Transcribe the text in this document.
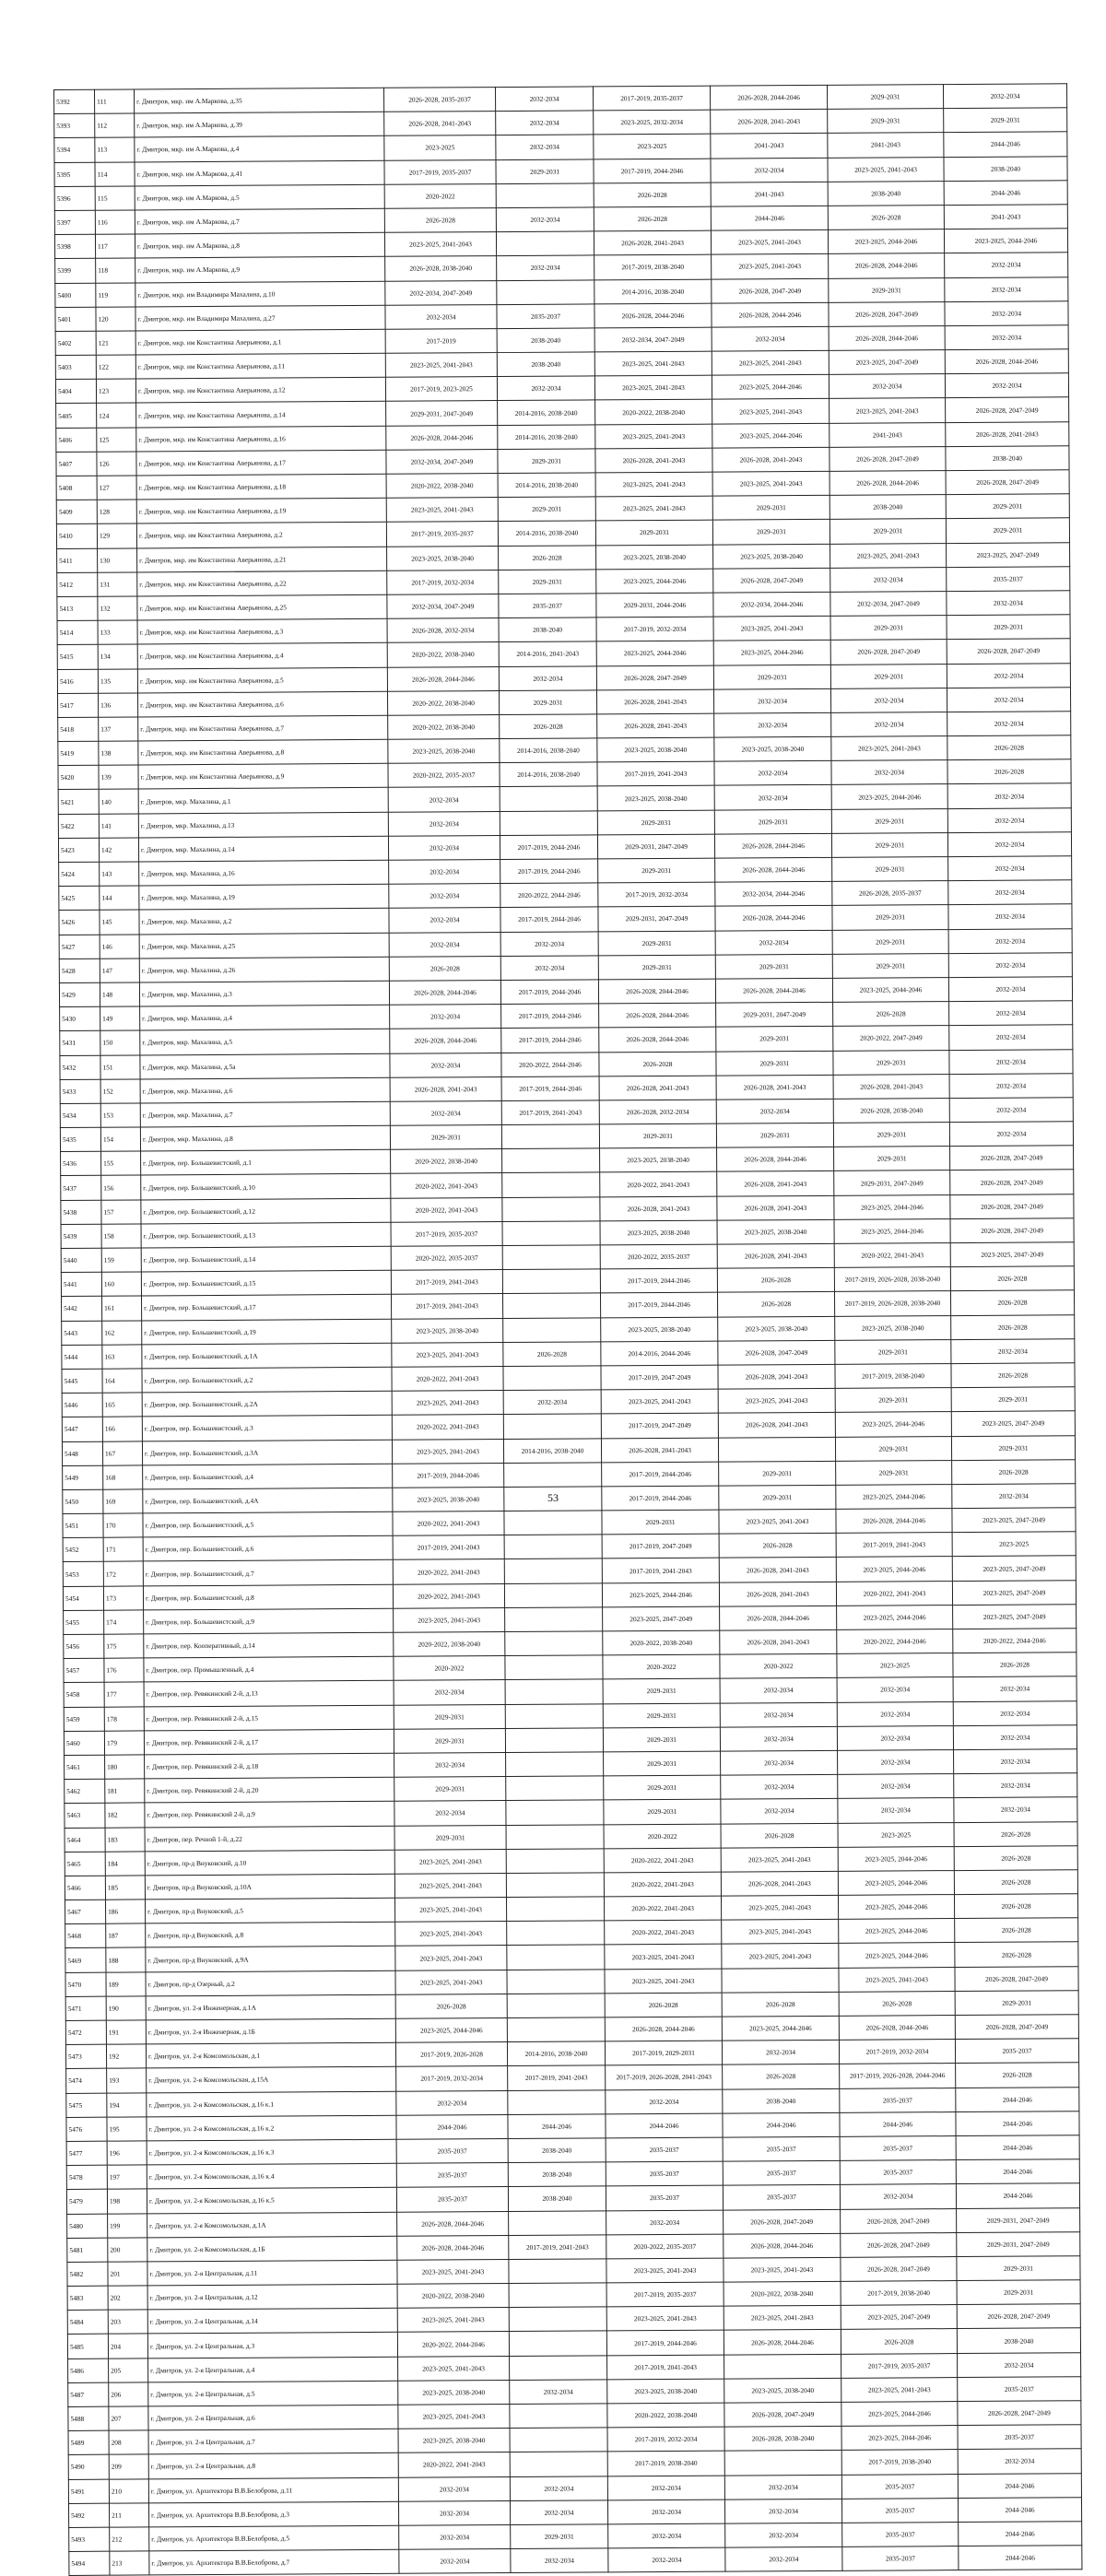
5392	111	г. Дмитров, мкр. им А.Маркова, д.35	2026-2028, 2035-2037	2032-2034	2017-2019, 2035-2037	2026-2028, 2044-2046	2029-2031	2032-2034
5393	112	г. Дмитров, мкр. им А.Маркова, д.39	2026-2028, 2041-2043	2032-2034	2023-2025, 2032-2034	2026-2028, 2041-2043	2029-2031	2029-2031
5394	113	г. Дмитров, мкр. им А.Маркова, д.4	2023-2025	2032-2034	2023-2025	2041-2043	2041-2043	2044-2046
5395	114	г. Дмитров, мкр. им А.Маркова, д.41	2017-2019, 2035-2037	2029-2031	2017-2019, 2044-2046	2032-2034	2023-2025, 2041-2043	2038-2040
5396	115	г. Дмитров, мкр. им А.Маркова, д.5	2020-2022		2026-2028	2041-2043	2038-2040	2044-2046
5397	116	г. Дмитров, мкр. им А.Маркова, д.7	2026-2028	2032-2034	2026-2028	2044-2046	2026-2028	2041-2043
5398	117	г. Дмитров, мкр. им А.Маркова, д.8	2023-2025, 2041-2043		2026-2028, 2041-2043	2023-2025, 2041-2043	2023-2025, 2044-2046	2023-2025, 2044-2046
5399	118	г. Дмитров, мкр. им А.Маркова, д.9	2026-2028, 2038-2040	2032-2034	2017-2019, 2038-2040	2023-2025, 2041-2043	2026-2028, 2044-2046	2032-2034
5400	119	г. Дмитров, мкр. им Владимира Махалина, д.10	2032-2034, 2047-2049		2014-2016, 2038-2040	2026-2028, 2047-2049	2029-2031	2032-2034
5401	120	г. Дмитров, мкр. им Владимира Махалина, д.27	2032-2034	2035-2037	2026-2028, 2044-2046	2026-2028, 2044-2046	2026-2028, 2047-2049	2032-2034
5402	121	г. Дмитров, мкр. им Константина Аверьянова, д.1	2017-2019	2038-2040	2032-2034, 2047-2049	2032-2034	2026-2028, 2044-2046	2032-2034
5403	122	г. Дмитров, мкр. им Константина Аверьянова, д.11	2023-2025, 2041-2043	2038-2040	2023-2025, 2041-2043	2023-2025, 2041-2043	2023-2025, 2047-2049	2026-2028, 2044-2046
5404	123	г. Дмитров, мкр. им Константина Аверьянова, д.12	2017-2019, 2023-2025	2032-2034	2023-2025, 2041-2043	2023-2025, 2044-2046	2032-2034	2032-2034
5405	124	г. Дмитров, мкр. им Константина Аверьянова, д.14	2029-2031, 2047-2049	2014-2016, 2038-2040	2020-2022, 2038-2040	2023-2025, 2041-2043	2023-2025, 2041-2043	2026-2028, 2047-2049
5406	125	г. Дмитров, мкр. им Константина Аверьянова, д.16	2026-2028, 2044-2046	2014-2016, 2038-2040	2023-2025, 2041-2043	2023-2025, 2044-2046	2041-2043	2026-2028, 2041-2043
5407	126	г. Дмитров, мкр. им Константина Аверьянова, д.17	2032-2034, 2047-2049	2029-2031	2026-2028, 2041-2043	2026-2028, 2041-2043	2026-2028, 2047-2049	2038-2040
5408	127	г. Дмитров, мкр. им Константина Аверьянова, д.18	2020-2022, 2038-2040	2014-2016, 2038-2040	2023-2025, 2041-2043	2023-2025, 2041-2043	2026-2028, 2044-2046	2026-2028, 2047-2049
5409	128	г. Дмитров, мкр. им Константина Аверьянова, д.19	2023-2025, 2041-2043	2029-2031	2023-2025, 2041-2043	2029-2031	2038-2040	2029-2031
5410	129	г. Дмитров, мкр. им Константина Аверьянова, д.2	2017-2019, 2035-2037	2014-2016, 2038-2040	2029-2031	2029-2031	2029-2031	2029-2031
5411	130	г. Дмитров, мкр. им Константина Аверьянова, д.21	2023-2025, 2038-2040	2026-2028	2023-2025, 2038-2040	2023-2025, 2038-2040	2023-2025, 2041-2043	2023-2025, 2047-2049
5412	131	г. Дмитров, мкр. им Константина Аверьянова, д.22	2017-2019, 2032-2034	2029-2031	2023-2025, 2044-2046	2026-2028, 2047-2049	2032-2034	2035-2037
5413	132	г. Дмитров, мкр. им Константина Аверьянова, д.25	2032-2034, 2047-2049	2035-2037	2029-2031, 2044-2046	2032-2034, 2044-2046	2032-2034, 2047-2049	2032-2034
5414	133	г. Дмитров, мкр. им Константина Аверьянова, д.3	2026-2028, 2032-2034	2038-2040	2017-2019, 2032-2034	2023-2025, 2041-2043	2029-2031	2029-2031
5415	134	г. Дмитров, мкр. им Константина Аверьянова, д.4	2020-2022, 2038-2040	2014-2016, 2041-2043	2023-2025, 2044-2046	2023-2025, 2044-2046	2026-2028, 2047-2049	2026-2028, 2047-2049
5416	135	г. Дмитров, мкр. им Константина Аверьянова, д.5	2026-2028, 2044-2046	2032-2034	2026-2028, 2047-2049	2029-2031	2029-2031	2032-2034
5417	136	г. Дмитров, мкр. им Константина Аверьянова, д.6	2020-2022, 2038-2040	2029-2031	2026-2028, 2041-2043	2032-2034	2032-2034	2032-2034
5418	137	г. Дмитров, мкр. им Константина Аверьянова, д.7	2020-2022, 2038-2040	2026-2028	2026-2028, 2041-2043	2032-2034	2032-2034	2032-2034
5419	138	г. Дмитров, мкр. им Константина Аверьянова, д.8	2023-2025, 2038-2040	2014-2016, 2038-2040	2023-2025, 2038-2040	2023-2025, 2038-2040	2023-2025, 2041-2043	2026-2028
5420	139	г. Дмитров, мкр. им Константина Аверьянова, д.9	2020-2022, 2035-2037	2014-2016, 2038-2040	2017-2019, 2041-2043	2032-2034	2032-2034	2026-2028
5421	140	г. Дмитров, мкр. Махалина, д.1	2032-2034		2023-2025, 2038-2040	2032-2034	2023-2025, 2044-2046	2032-2034
5422	141	г. Дмитров, мкр. Махалина, д.13	2032-2034		2029-2031	2029-2031	2029-2031	2032-2034
5423	142	г. Дмитров, мкр. Махалина, д.14	2032-2034	2017-2019, 2044-2046	2029-2031, 2047-2049	2026-2028, 2044-2046	2029-2031	2032-2034
5424	143	г. Дмитров, мкр. Махалина, д.16	2032-2034	2017-2019, 2044-2046	2029-2031	2026-2028, 2044-2046	2029-2031	2032-2034
5425	144	г. Дмитров, мкр. Махалина, д.19	2032-2034	2020-2022, 2044-2046	2017-2019, 2032-2034	2032-2034, 2044-2046	2026-2028, 2035-2037	2032-2034
5426	145	г. Дмитров, мкр. Махалина, д.2	2032-2034	2017-2019, 2044-2046	2029-2031, 2047-2049	2026-2028, 2044-2046	2029-2031	2032-2034
5427	146	г. Дмитров, мкр. Махалина, д.25	2032-2034	2032-2034	2029-2031	2032-2034	2029-2031	2032-2034
5428	147	г. Дмитров, мкр. Махалина, д.26	2026-2028	2032-2034	2029-2031	2029-2031	2029-2031	2032-2034
5429	148	г. Дмитров, мкр. Махалина, д.3	2026-2028, 2044-2046	2017-2019, 2044-2046	2026-2028, 2044-2046	2026-2028, 2044-2046	2023-2025, 2044-2046	2032-2034
5430	149	г. Дмитров, мкр. Махалина, д.4	2032-2034	2017-2019, 2044-2046	2026-2028, 2044-2046	2029-2031, 2047-2049	2026-2028	2032-2034
5431	150	г. Дмитров, мкр. Махалина, д.5	2026-2028, 2044-2046	2017-2019, 2044-2046	2026-2028, 2044-2046	2029-2031	2020-2022, 2047-2049	2032-2034
5432	151	г. Дмитров, мкр. Махалина, д.5а	2032-2034	2020-2022, 2044-2046	2026-2028	2029-2031	2029-2031	2032-2034
5433	152	г. Дмитров, мкр. Махалина, д.6	2026-2028, 2041-2043	2017-2019, 2044-2046	2026-2028, 2041-2043	2026-2028, 2041-2043	2026-2028, 2041-2043	2032-2034
5434	153	г. Дмитров, мкр. Махалина, д.7	2032-2034	2017-2019, 2041-2043	2026-2028, 2032-2034	2032-2034	2026-2028, 2038-2040	2032-2034
5435	154	г. Дмитров, мкр. Махалина, д.8	2029-2031		2029-2031	2029-2031	2029-2031	2032-2034
5436	155	г. Дмитров, пер. Большевистский, д.1	2020-2022, 2038-2040		2023-2025, 2038-2040	2026-2028, 2044-2046	2029-2031	2026-2028, 2047-2049
5437	156	г. Дмитров, пер. Большевистский, д.10	2020-2022, 2041-2043		2020-2022, 2041-2043	2026-2028, 2041-2043	2029-2031, 2047-2049	2026-2028, 2047-2049
5438	157	г. Дмитров, пер. Большевистский, д.12	2020-2022, 2041-2043		2026-2028, 2041-2043	2026-2028, 2041-2043	2023-2025, 2044-2046	2026-2028, 2047-2049
5439	158	г. Дмитров, пер. Большевистский, д.13	2017-2019, 2035-2037		2023-2025, 2038-2040	2023-2025, 2038-2040	2023-2025, 2044-2046	2026-2028, 2047-2049
5440	159	г. Дмитров, пер. Большевистский, д.14	2020-2022, 2035-2037		2020-2022, 2035-2037	2026-2028, 2041-2043	2020-2022, 2041-2043	2023-2025, 2047-2049
5441	160	г. Дмитров, пер. Большевистский, д.15	2017-2019, 2041-2043		2017-2019, 2044-2046	2026-2028	2017-2019, 2026-2028, 2038-2040	2026-2028
5442	161	г. Дмитров, пер. Большевистский, д.17	2017-2019, 2041-2043		2017-2019, 2044-2046	2026-2028	2017-2019, 2026-2028, 2038-2040	2026-2028
5443	162	г. Дмитров, пер. Большевистский, д.19	2023-2025, 2038-2040		2023-2025, 2038-2040	2023-2025, 2038-2040	2023-2025, 2038-2040	2026-2028
5444	163	г. Дмитров, пер. Большевистский, д.1А	2023-2025, 2041-2043	2026-2028	2014-2016, 2044-2046	2026-2028, 2047-2049	2029-2031	2032-2034
5445	164	г. Дмитров, пер. Большевистский, д.2	2020-2022, 2041-2043		2017-2019, 2047-2049	2026-2028, 2041-2043	2017-2019, 2038-2040	2026-2028
5446	165	г. Дмитров, пер. Большевистский, д.2А	2023-2025, 2041-2043	2032-2034	2023-2025, 2041-2043	2023-2025, 2041-2043	2029-2031	2029-2031
5447	166	г. Дмитров, пер. Большевистский, д.3	2020-2022, 2041-2043		2017-2019, 2047-2049	2026-2028, 2041-2043	2023-2025, 2044-2046	2023-2025, 2047-2049
5448	167	г. Дмитров, пер. Большевистский, д.3А	2023-2025, 2041-2043	2014-2016, 2038-2040	2026-2028, 2041-2043		2029-2031	2029-2031
5449	168	г. Дмитров, пер. Большевистский, д.4	2017-2019, 2044-2046		2017-2019, 2044-2046	2029-2031	2029-2031	2026-2028
5450	169	г. Дмитров, пер. Большевистский, д.4А	2023-2025, 2038-2040		2017-2019, 2044-2046	2029-2031	2023-2025, 2044-2046	2032-2034
5451	170	г. Дмитров, пер. Большевистский, д.5	2020-2022, 2041-2043		2029-2031	2023-2025, 2041-2043	2026-2028, 2044-2046	2023-2025, 2047-2049
5452	171	г. Дмитров, пер. Большевистский, д.6	2017-2019, 2041-2043		2017-2019, 2047-2049	2026-2028	2017-2019, 2041-2043	2023-2025
5453	172	г. Дмитров, пер. Большевистский, д.7	2020-2022, 2041-2043		2017-2019, 2041-2043	2026-2028, 2041-2043	2023-2025, 2044-2046	2023-2025, 2047-2049
5454	173	г. Дмитров, пер. Большевистский, д.8	2020-2022, 2041-2043		2023-2025, 2044-2046	2026-2028, 2041-2043	2020-2022, 2041-2043	2023-2025, 2047-2049
5455	174	г. Дмитров, пер. Большевистский, д.9	2023-2025, 2041-2043		2023-2025, 2047-2049	2026-2028, 2044-2046	2023-2025, 2044-2046	2023-2025, 2047-2049
5456	175	г. Дмитров, пер. Кооперативный, д.14	2020-2022, 2038-2040		2020-2022, 2038-2040	2026-2028, 2041-2043	2020-2022, 2044-2046	2020-2022, 2044-2046
5457	176	г. Дмитров, пер. Промышленный, д.4	2020-2022		2020-2022	2020-2022	2023-2025	2026-2028
5458	177	г. Дмитров, пер. Ревякинский 2-й, д.13	2032-2034		2029-2031	2032-2034	2032-2034	2032-2034
5459	178	г. Дмитров, пер. Ревякинский 2-й, д.15	2029-2031		2029-2031	2032-2034	2032-2034	2032-2034
5460	179	г. Дмитров, пер. Ревякинский 2-й, д.17	2029-2031		2029-2031	2032-2034	2032-2034	2032-2034
5461	180	г. Дмитров, пер. Ревякинский 2-й, д.18	2032-2034		2029-2031	2032-2034	2032-2034	2032-2034
5462	181	г. Дмитров, пер. Ревякинский 2-й, д.20	2029-2031		2029-2031	2032-2034	2032-2034	2032-2034
5463	182	г. Дмитров, пер. Ревякинский 2-й, д.9	2032-2034		2029-2031	2032-2034	2032-2034	2032-2034
5464	183	г. Дмитров, пер. Речной 1-й, д.22	2029-2031		2020-2022	2026-2028	2023-2025	2026-2028
5465	184	г. Дмитров, пр-д Внуковский, д.10	2023-2025, 2041-2043		2020-2022, 2041-2043	2023-2025, 2041-2043	2023-2025, 2044-2046	2026-2028
5466	185	г. Дмитров, пр-д Внуковский, д.10А	2023-2025, 2041-2043		2020-2022, 2041-2043	2026-2028, 2041-2043	2023-2025, 2044-2046	2026-2028
5467	186	г. Дмитров, пр-д Внуковский, д.5	2023-2025, 2041-2043		2020-2022, 2041-2043	2023-2025, 2041-2043	2023-2025, 2044-2046	2026-2028
5468	187	г. Дмитров, пр-д Внуковский, д.8	2023-2025, 2041-2043		2020-2022, 2041-2043	2023-2025, 2041-2043	2023-2025, 2044-2046	2026-2028
5469	188	г. Дмитров, пр-д Внуковский, д.9А	2023-2025, 2041-2043		2023-2025, 2041-2043	2023-2025, 2041-2043	2023-2025, 2044-2046	2026-2028
5470	189	г. Дмитров, пр-д Озерный, д.2	2023-2025, 2041-2043		2023-2025, 2041-2043		2023-2025, 2041-2043	2026-2028, 2047-2049
5471	190	г. Дмитров, ул. 2-я Инженерная, д.1А	2026-2028		2026-2028	2026-2028	2026-2028	2029-2031
5472	191	г. Дмитров, ул. 2-я Инженерная, д.1Б	2023-2025, 2044-2046		2026-2028, 2044-2046	2023-2025, 2044-2046	2026-2028, 2044-2046	2026-2028, 2047-2049
5473	192	г. Дмитров, ул. 2-я Комсомольская, д.1	2017-2019, 2026-2028	2014-2016, 2038-2040	2017-2019, 2029-2031	2032-2034	2017-2019, 2032-2034	2035-2037
5474	193	г. Дмитров, ул. 2-я Комсомольская, д.15А	2017-2019, 2032-2034	2017-2019, 2041-2043	2017-2019, 2026-2028, 2041-2043	2026-2028	2017-2019, 2026-2028, 2044-2046	2026-2028
5475	194	г. Дмитров, ул. 2-я Комсомольская, д.16 к.1	2032-2034		2032-2034	2038-2040	2035-2037	2044-2046
5476	195	г. Дмитров, ул. 2-я Комсомольская, д.16 к.2	2044-2046	2044-2046	2044-2046	2044-2046	2044-2046	2044-2046
5477	196	г. Дмитров, ул. 2-я Комсомольская, д.16 к.3	2035-2037	2038-2040	2035-2037	2035-2037	2035-2037	2044-2046
5478	197	г. Дмитров, ул. 2-я Комсомольская, д.16 к.4	2035-2037	2038-2040	2035-2037	2035-2037	2035-2037	2044-2046
5479	198	г. Дмитров, ул. 2-я Комсомольская, д.16 к.5	2035-2037	2038-2040	2035-2037	2035-2037	2032-2034	2044-2046
5480	199	г. Дмитров, ул. 2-я Комсомольская, д.1А	2026-2028, 2044-2046		2032-2034	2026-2028, 2047-2049	2026-2028, 2047-2049	2029-2031, 2047-2049
5481	200	г. Дмитров, ул. 2-я Комсомольская, д.1Б	2026-2028, 2044-2046	2017-2019, 2041-2043	2020-2022, 2035-2037	2026-2028, 2044-2046	2026-2028, 2047-2049	2029-2031, 2047-2049
5482	201	г. Дмитров, ул. 2-я Центральная, д.11	2023-2025, 2041-2043		2023-2025, 2041-2043	2023-2025, 2041-2043	2026-2028, 2047-2049	2029-2031
5483	202	г. Дмитров, ул. 2-я Центральная, д.12	2020-2022, 2038-2040		2017-2019, 2035-2037	2020-2022, 2038-2040	2017-2019, 2038-2040	2029-2031
5484	203	г. Дмитров, ул. 2-я Центральная, д.14	2023-2025, 2041-2043		2023-2025, 2041-2043	2023-2025, 2041-2043	2023-2025, 2047-2049	2026-2028, 2047-2049
5485	204	г. Дмитров, ул. 2-я Центральная, д.3	2020-2022, 2044-2046		2017-2019, 2044-2046	2026-2028, 2044-2046	2026-2028	2038-2040
5486	205	г. Дмитров, ул. 2-я Центральная, д.4	2023-2025, 2041-2043		2017-2019, 2041-2043		2017-2019, 2035-2037	2032-2034
5487	206	г. Дмитров, ул. 2-я Центральная, д.5	2023-2025, 2038-2040	2032-2034	2023-2025, 2038-2040	2023-2025, 2038-2040	2023-2025, 2041-2043	2035-2037
5488	207	г. Дмитров, ул. 2-я Центральная, д.6	2023-2025, 2041-2043		2020-2022, 2038-2040	2026-2028, 2047-2049	2023-2025, 2044-2046	2026-2028, 2047-2049
5489	208	г. Дмитров, ул. 2-я Центральная, д.7	2023-2025, 2038-2040		2017-2019, 2032-2034	2026-2028, 2038-2040	2023-2025, 2044-2046	2035-2037
5490	209	г. Дмитров, ул. 2-я Центральная, д.8	2020-2022, 2041-2043		2017-2019, 2038-2040		2017-2019, 2038-2040	2032-2034
5491	210	г. Дмитров, ул. Архитектора В.В.Белоброва, д.11	2032-2034	2032-2034	2032-2034	2032-2034	2035-2037	2044-2046
5492	211	г. Дмитров, ул. Архитектора В.В.Белоброва, д.3	2032-2034	2032-2034	2032-2034	2032-2034	2035-2037	2044-2046
5493	212	г. Дмитров, ул. Архитектора В.В.Белоброва, д.5	2032-2034	2029-2031	2032-2034	2032-2034	2035-2037	2044-2046
5494	213	г. Дмитров, ул. Архитектора В.В.Белоброва, д.7	2032-2034	2032-2034	2032-2034	2032-2034	2035-2037	2044-2046
53
